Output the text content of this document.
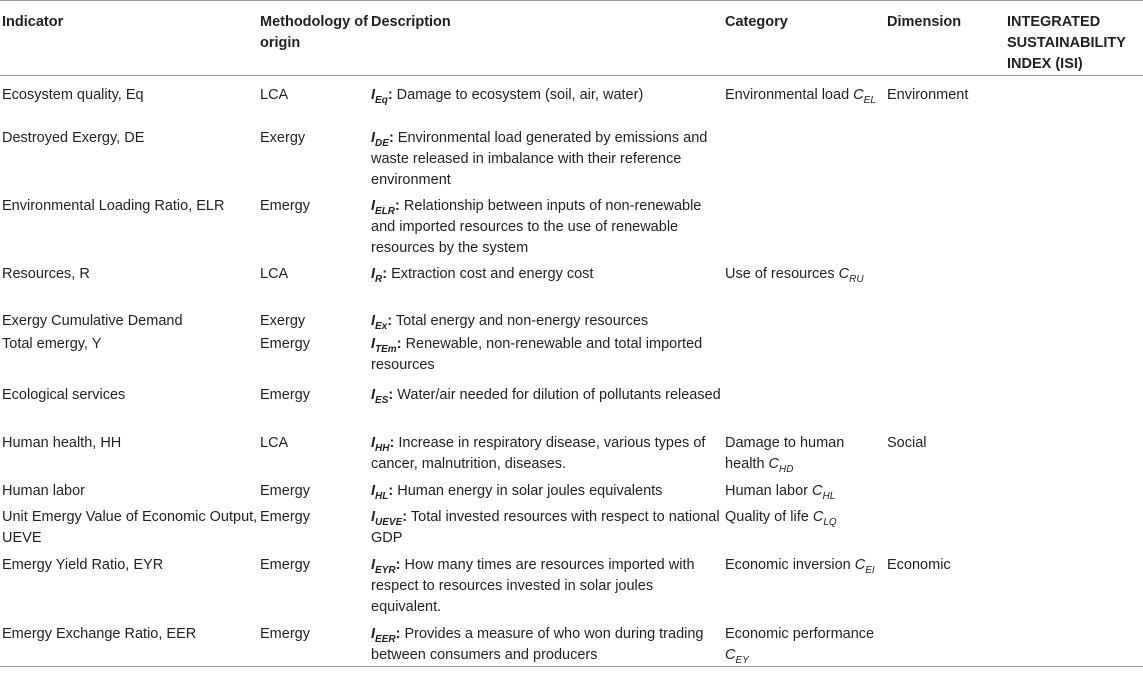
Indicator	Methodology of origin	Description	Category	Dimension	INTEGRATED SUSTAINABILITY INDEX (ISI)
Ecosystem quality, Eq	LCA	$I_{Eq}$: Damage to ecosystem (soil, air, water)	Environmental load $C_{EL}$	Environment	
Destroyed Exergy, DE	Exergy	$I_{DE}$: Environmental load generated by emissions and waste released in imbalance with their reference environment			
Environmental Loading Ratio, ELR	Emergy	$I_{ELR}$: Relationship between inputs of non-renewable and imported resources to the use of renewable resources by the system			
Resources, R	LCA	$I_R$: Extraction cost and energy cost	Use of resources $C_{RU}$		
Exergy Cumulative Demand	Exergy	$I_{Ex}$: Total energy and non-energy resources			
Total emergy, Y	Emergy	$I_{TEm}$: Renewable, non-renewable and total imported resources			
Ecological services	Emergy	$I_{ES}$: Water/air needed for dilution of pollutants released			
Human health, HH	LCA	$I_{HH}$: Increase in respiratory disease, various types of cancer, malnutrition, diseases.	Damage to human health $C_{HD}$	Social	
Human labor	Emergy	$I_{HL}$: Human energy in solar joules equivalents	Human labor $C_{HL}$		
Unit Emergy Value of Economic Output, UEVE	Emergy	$I_{UEVE}$: Total invested resources with respect to national GDP	Quality of life $C_{LQ}$		
Emergy Yield Ratio, EYR	Emergy	$I_{EYR}$: How many times are resources imported with respect to resources invested in solar joules equivalent.	Economic inversion $C_{EI}$	Economic	
Emergy Exchange Ratio, EER	Emergy	$I_{EER}$: Provides a measure of who won during trading between consumers and producers	Economic performance $C_{EY}$		
